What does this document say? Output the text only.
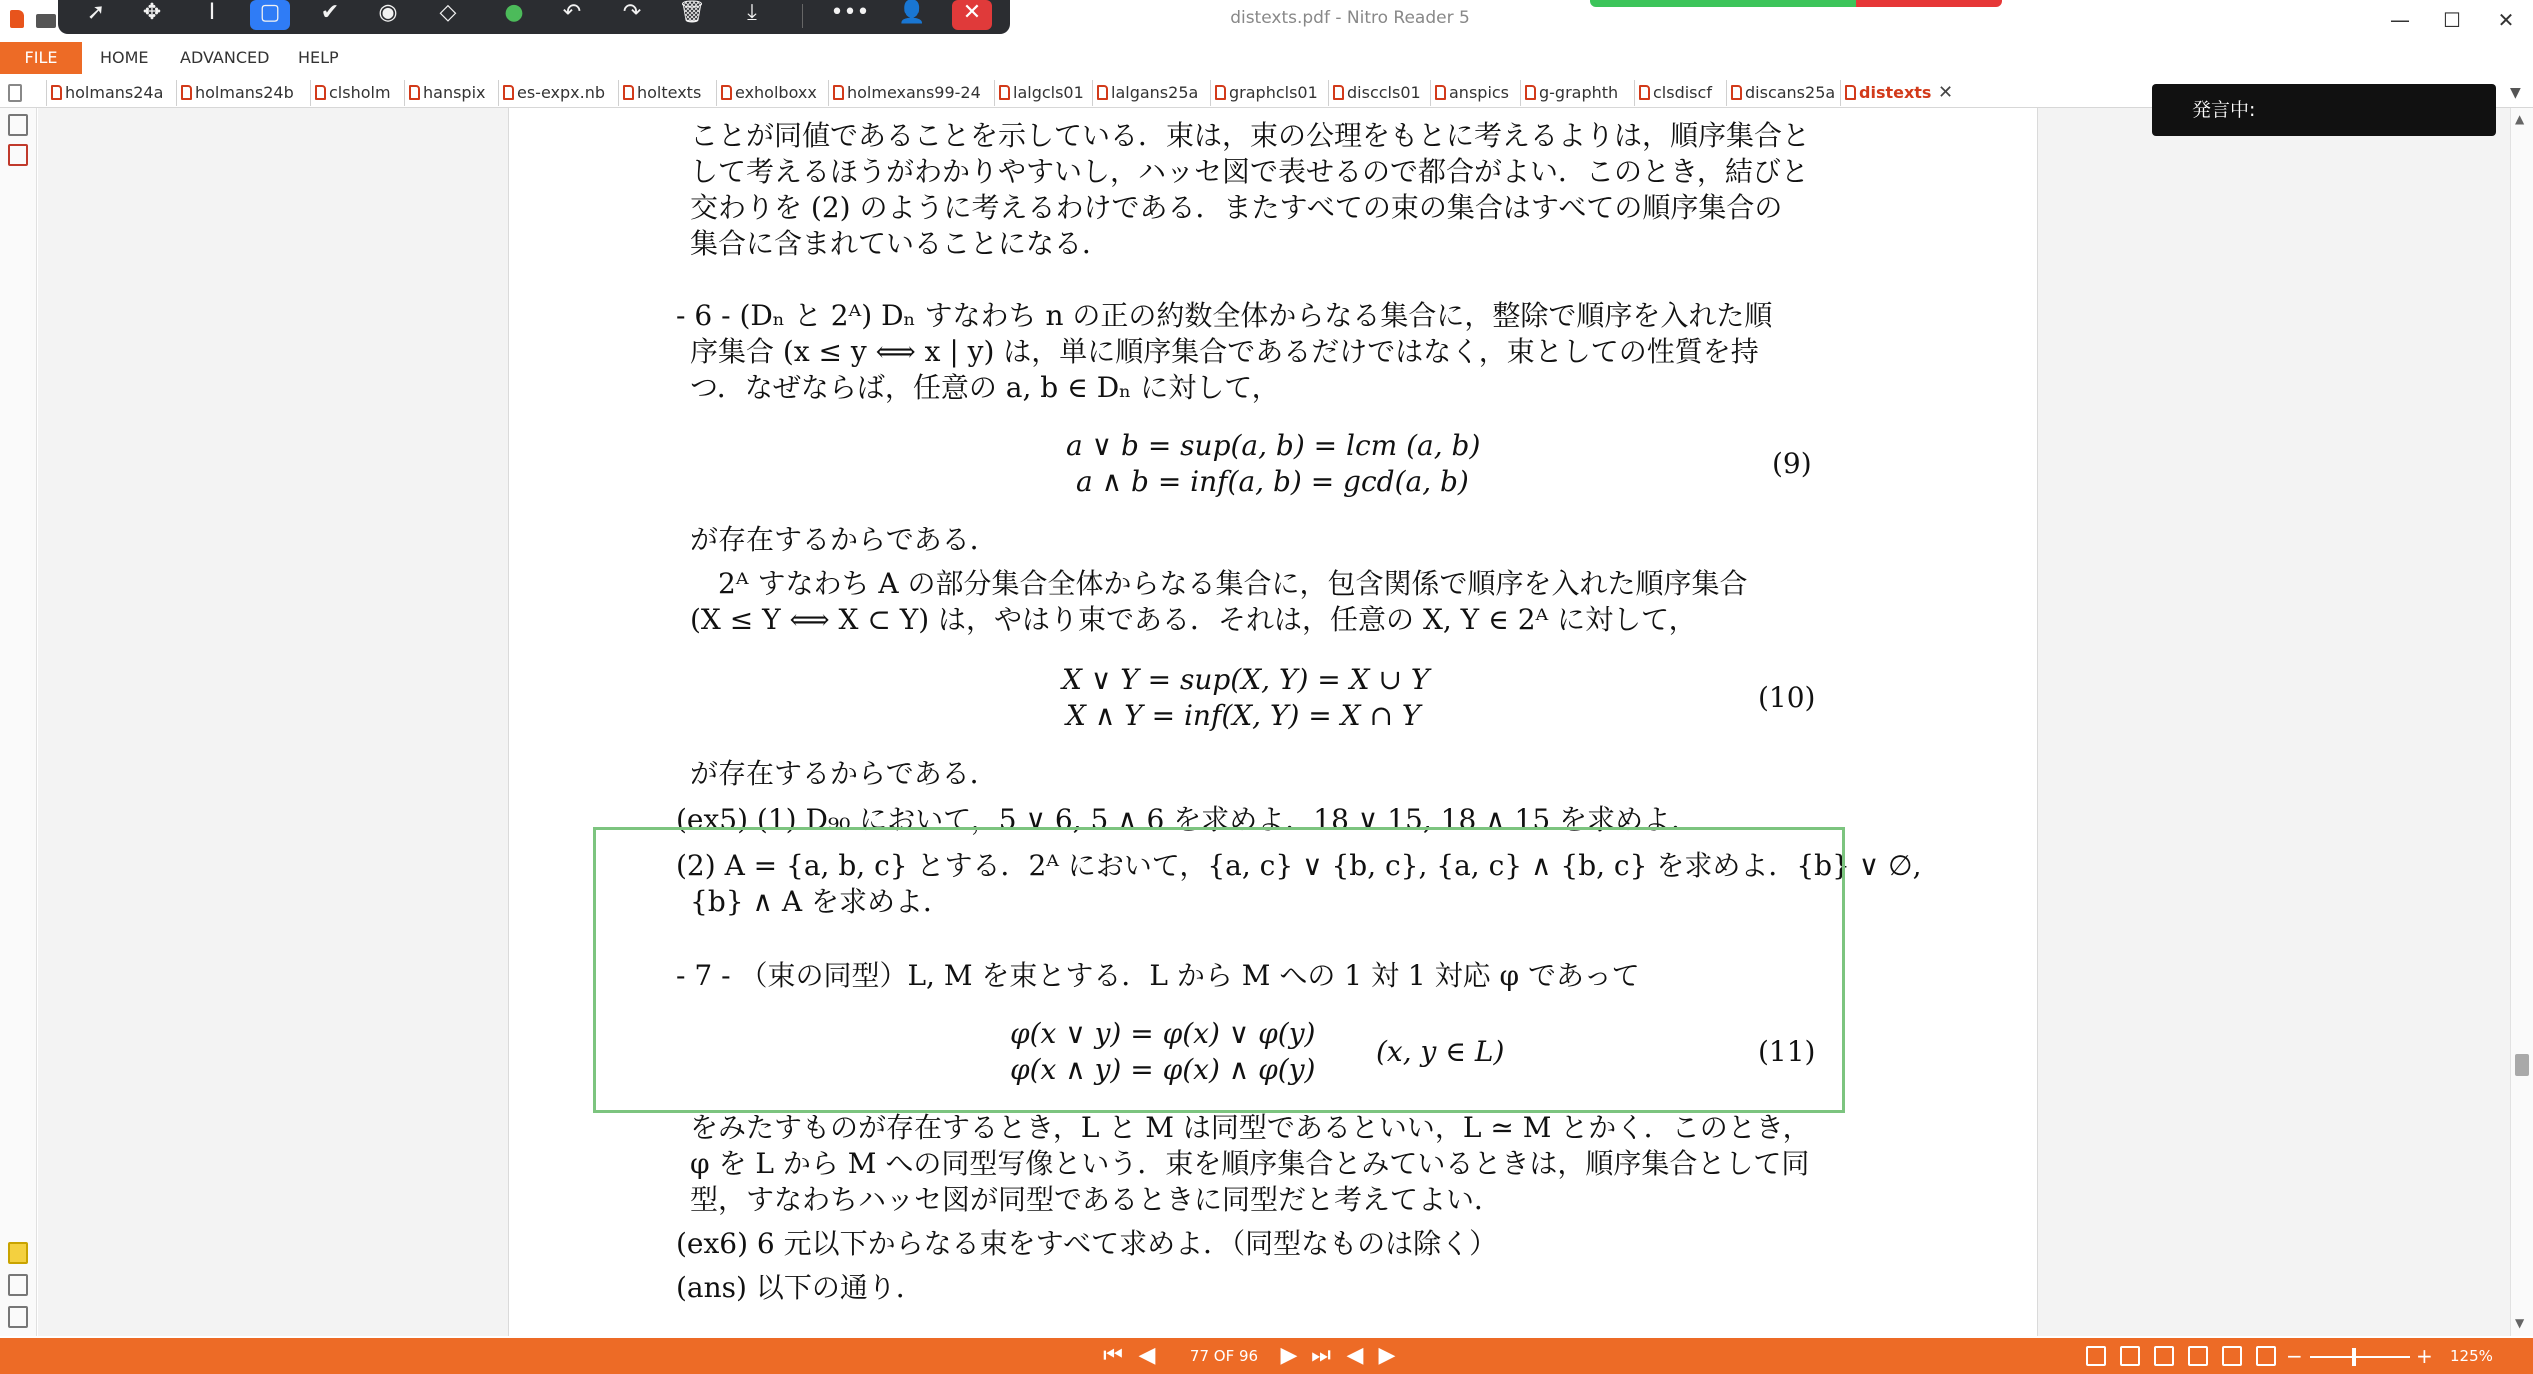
distexts.pdf - Nitro Reader 5	—	☐	✕
➚	✥	I	▢	✔	◉	◇	●	↶	↷	🗑	⤓	••• 👤	✕
FILE	HOME ADVANCED HELP
holmans24a	holmans24b	clsholm	hanspix	es-expx.nb	holtexts	exholboxx	holmexans99-24	lalgcls01	lalgans25a	graphcls01	disccls01	anspics	g-graphth	clsdiscf	discans25a	distexts ✕	▼
ことが同値であることを示している．束は，束の公理をもとに考えるよりは，順序集合と
して考えるほうがわかりやすいし，ハッセ図で表せるので都合がよい．このとき，結びと
交わりを (2) のように考えるわけである．またすべての束の集合はすべての順序集合の
集合に含まれていることになる．
- 6 - (Dₙ と 2ᴬ) Dₙ すなわち n の正の約数全体からなる集合に，整除で順序を入れた順
序集合 (x ≤ y ⟺ x | y) は，単に順序集合であるだけではなく，束としての性質を持
つ．なぜならば，任意の a, b ∈ Dₙ に対して，
a ∨ b = sup(a, b) = lcm (a, b)
a ∧ b = inf(a, b) = gcd(a, b)
(9)
が存在するからである．
2ᴬ すなわち A の部分集合全体からなる集合に，包含関係で順序を入れた順序集合
(X ≤ Y ⟺ X ⊂ Y) は，やはり束である．それは，任意の X, Y ∈ 2ᴬ に対して，
X ∨ Y = sup(X, Y) = X ∪ Y
X ∧ Y = inf(X, Y) = X ∩ Y
(10)
が存在するからである．
(ex5) (1) D₉₀ において，5 ∨ 6, 5 ∧ 6 を求めよ．18 ∨ 15, 18 ∧ 15 を求めよ．
(2) A = {a, b, c} とする．2ᴬ において，{a, c} ∨ {b, c}, {a, c} ∧ {b, c} を求めよ．{b} ∨ ∅,
{b} ∧ A を求めよ．
- 7 - （束の同型）L, M を束とする．L から M への 1 対 1 対応 φ であって
φ(x ∨ y) = φ(x) ∨ φ(y)
φ(x ∧ y) = φ(x) ∧ φ(y)
(x, y ∈ L)	(11)
をみたすものが存在するとき，L と M は同型であるといい，L ≃ M とかく．このとき，
φ を L から M への同型写像という．束を順序集合とみているときは，順序集合として同
型，すなわちハッセ図が同型であるときに同型だと考えてよい．
(ex6) 6 元以下からなる束をすべて求めよ．（同型なものは除く）
(ans) 以下の通り．
▲
▼
発言中:
⏮ ◀	77 OF 96 ▶ ⏭ ◀ ▶	−	+ 125%
